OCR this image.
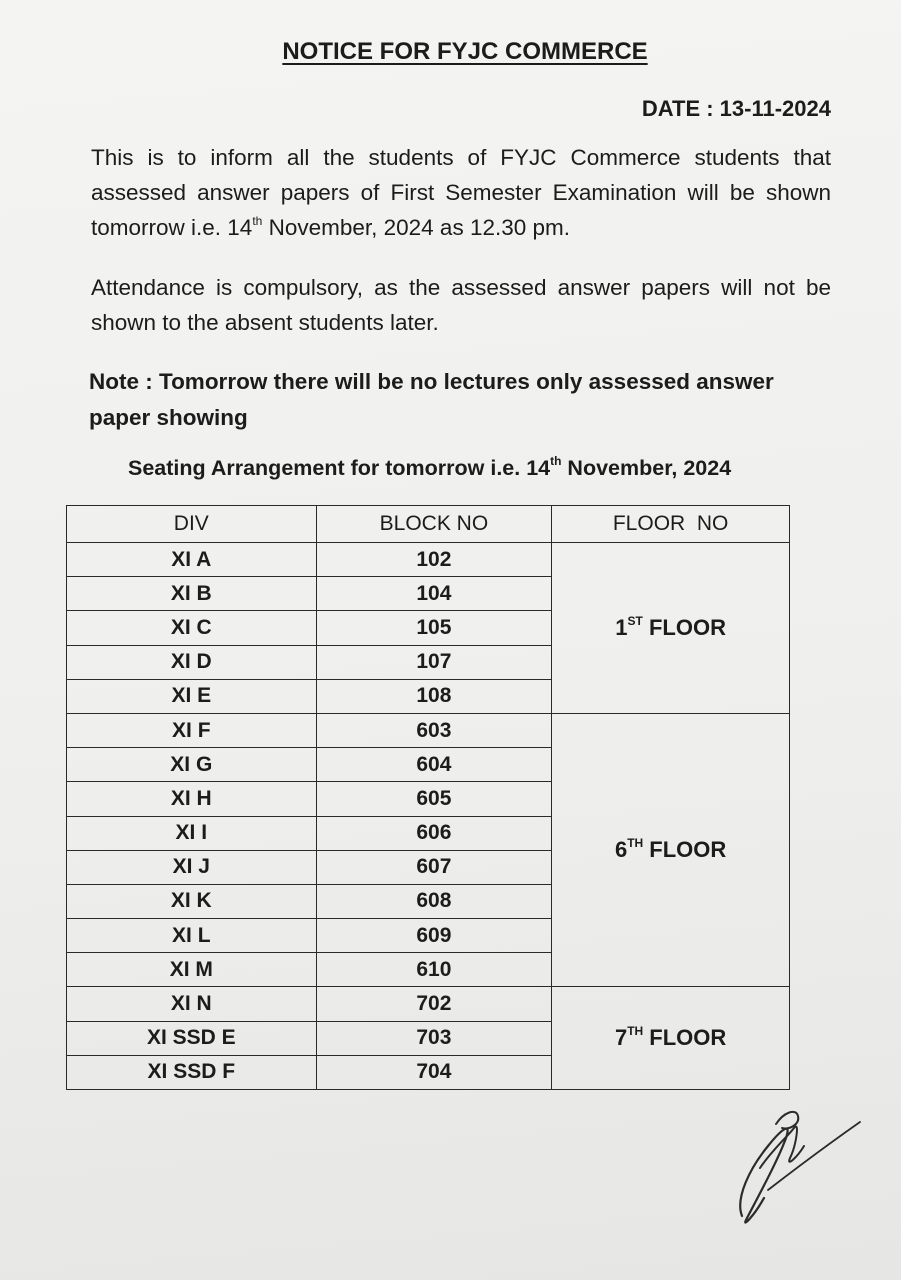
NOTICE FOR FYJC COMMERCE
DATE : 13-11-2024
This is to inform all the students of FYJC Commerce students that assessed answer papers of First Semester Examination will be shown tomorrow i.e. 14th November, 2024 as 12.30 pm.
Attendance is compulsory, as the assessed answer papers will not be shown to the absent students later.
Note : Tomorrow there will be no lectures only assessed answer paper showing
Seating Arrangement for tomorrow i.e. 14th November, 2024
DIV	BLOCK NO	FLOOR  NO
XI A	102	1ST FLOOR
XI B	104	
XI C	105	
XI D	107	
XI E	108	
XI F	603	6TH FLOOR
XI G	604	
XI H	605	
XI I	606	
XI J	607	
XI K	608	
XI L	609	
XI M	610	
XI N	702	7TH FLOOR
XI SSD E	703	
XI SSD F	704	
